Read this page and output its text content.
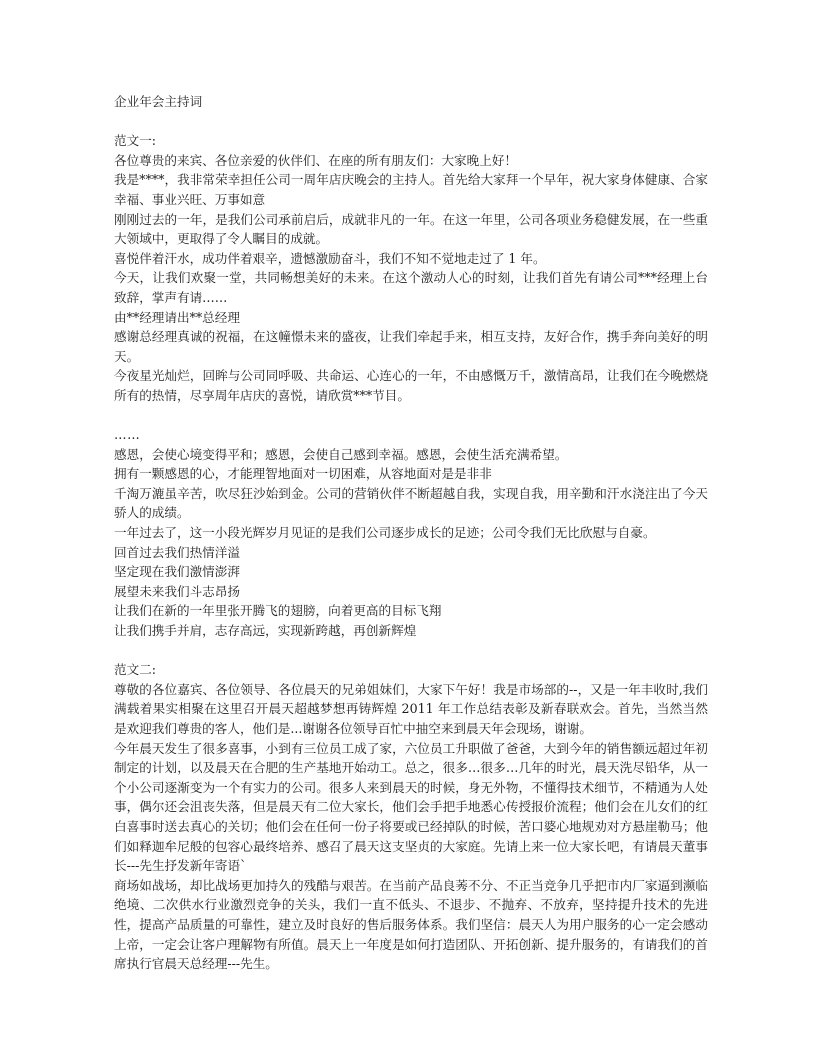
企业年会主持词

范文一:
各位尊贵的来宾、各位亲爱的伙伴们、在座的所有朋友们：大家晚上好！
我是****，我非常荣幸担任公司一周年店庆晚会的主持人。首先给大家拜一个早年，祝大家身体健康、合家幸福、事业兴旺、万事如意
刚刚过去的一年，是我们公司承前启后，成就非凡的一年。在这一年里，公司各项业务稳健发展，在一些重大领域中，更取得了令人瞩目的成就。
喜悦伴着汗水，成功伴着艰辛，遗憾激励奋斗，我们不知不觉地走过了 1 年。
今天，让我们欢聚一堂，共同畅想美好的未来。在这个激动人心的时刻，让我们首先有请公司***经理上台致辞，掌声有请……
由**经理请出**总经理
感谢总经理真诚的祝福，在这幢憬未来的盛夜，让我们牵起手来，相互支持，友好合作，携手奔向美好的明天。
今夜星光灿烂，回眸与公司同呼吸、共命运、心连心的一年，不由感慨万千，激情高昂，让我们在今晚燃烧所有的热情，尽享周年店庆的喜悦，请欣赏***节目。

……
感恩，会使心境变得平和；感恩，会使自己感到幸福。感恩，会使生活充满希望。
拥有一颗感恩的心，才能理智地面对一切困难，从容地面对是是非非
千淘万漉虽辛苦，吹尽狂沙始到金。公司的营销伙伴不断超越自我，实现自我，用辛勤和汗水浇注出了今天骄人的成绩。
一年过去了，这一小段光辉岁月见证的是我们公司逐步成长的足迹；公司令我们无比欣慰与自豪。
回首过去我们热情洋溢
坚定现在我们激情澎湃
展望未来我们斗志昂扬
让我们在新的一年里张开腾飞的翅膀，向着更高的目标飞翔
让我们携手并肩，志存高远，实现新跨越，再创新辉煌

范文二:
尊敬的各位嘉宾、各位领导、各位晨天的兄弟姐妹们，大家下午好！我是市场部的--，又是一年丰收时,我们满载着果实相聚在这里召开晨天超越梦想再铸辉煌 2011 年工作总结表彰及新春联欢会。首先，当然当然是欢迎我们尊贵的客人，他们是...谢谢各位领导百忙中抽空来到晨天年会现场，谢谢。
今年晨天发生了很多喜事，小到有三位员工成了家，六位员工升职做了爸爸，大到今年的销售额远超过年初制定的计划，以及晨天在合肥的生产基地开始动工。总之，很多…很多…几年的时光，晨天洗尽铅华，从一个小公司逐渐变为一个有实力的公司。很多人来到晨天的时候，身无外物，不懂得技术细节，不精通为人处事，偶尔还会沮丧失落，但是晨天有二位大家长，他们会手把手地悉心传授报价流程；他们会在儿女们的红白喜事时送去真心的关切；他们会在任何一份子将要或已经掉队的时候，苦口婆心地规劝对方悬崖勒马；他们如释迦牟尼般的包容心最终培养、感召了晨天这支坚贞的大家庭。先请上来一位大家长吧，有请晨天董事长---先生抒发新年寄语`
商场如战场，却比战场更加持久的残酷与艰苦。在当前产品良莠不分、不正当竞争几乎把市内厂家逼到濒临绝境、二次供水行业激烈竞争的关头，我们一直不低头、不退步、不抛弃、不放弃，坚持提升技术的先进性，提高产品质量的可靠性，建立及时良好的售后服务体系。我们坚信：晨天人为用户服务的心一定会感动上帝，一定会让客户理解物有所值。晨天上一年度是如何打造团队、开拓创新、提升服务的，有请我们的首席执行官晨天总经理---先生。
